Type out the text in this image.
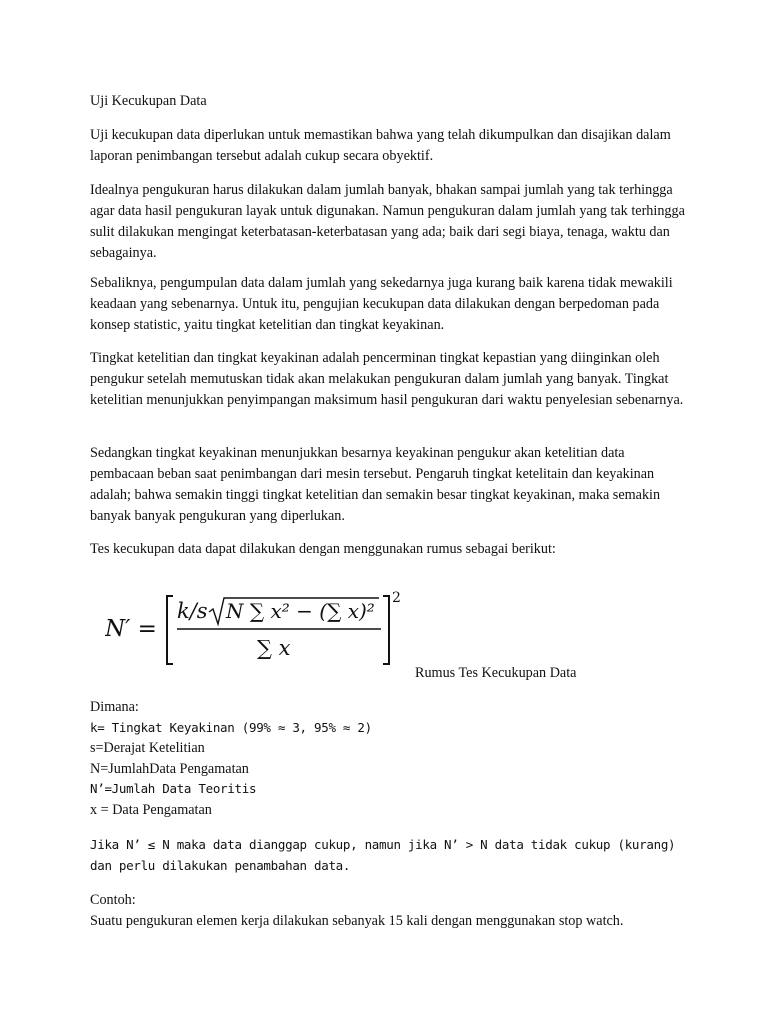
Uji Kecukupan Data

Uji kecukupan data diperlukan untuk memastikan bahwa yang telah dikumpulkan dan disajikan dalam laporan penimbangan tersebut adalah cukup secara obyektif.

Idealnya pengukuran harus dilakukan dalam jumlah banyak, bhakan sampai jumlah yang tak terhingga agar data hasil pengukuran layak untuk digunakan. Namun pengukuran dalam jumlah yang tak terhingga sulit dilakukan mengingat keterbatasan-keterbatasan yang ada; baik dari segi biaya, tenaga, waktu dan sebagainya.

Sebaliknya, pengumpulan data dalam jumlah yang sekedarnya juga kurang baik karena tidak mewakili keadaan yang sebenarnya. Untuk itu, pengujian kecukupan data dilakukan dengan berpedoman pada konsep statistic, yaitu tingkat ketelitian dan tingkat keyakinan.

Tingkat ketelitian dan tingkat keyakinan adalah pencerminan tingkat kepastian yang diinginkan oleh pengukur setelah memutuskan tidak akan melakukan pengukuran dalam jumlah yang banyak. Tingkat ketelitian menunjukkan penyimpangan maksimum hasil pengukuran dari waktu penyelesian sebenarnya.

Sedangkan tingkat keyakinan menunjukkan besarnya keyakinan pengukur akan ketelitian data pembacaan beban saat penimbangan dari mesin tersebut. Pengaruh tingkat ketelitain dan keyakinan adalah; bahwa semakin tinggi tingkat ketelitian dan semakin besar tingkat keyakinan, maka semakin banyak banyak pengukuran yang diperlukan.

Tes kecukupan data dapat dilakukan dengan menggunakan rumus sebagai berikut:

N′ =
k/s N ∑ x² − (∑ x)²
∑ x
2
Rumus Tes Kecukupan Data
Dimana:
k= Tingkat Keyakinan (99% ≈ 3, 95% ≈ 2)
s=Derajat Ketelitian
N=JumlahData Pengamatan
N’=Jumlah Data Teoritis
x = Data Pengamatan

Jika N’ ≤ N maka data dianggap cukup, namun jika N’ > N data tidak cukup (kurang) dan perlu dilakukan penambahan data.

Contoh:
Suatu pengukuran elemen kerja dilakukan sebanyak 15 kali dengan menggunakan stop watch.
